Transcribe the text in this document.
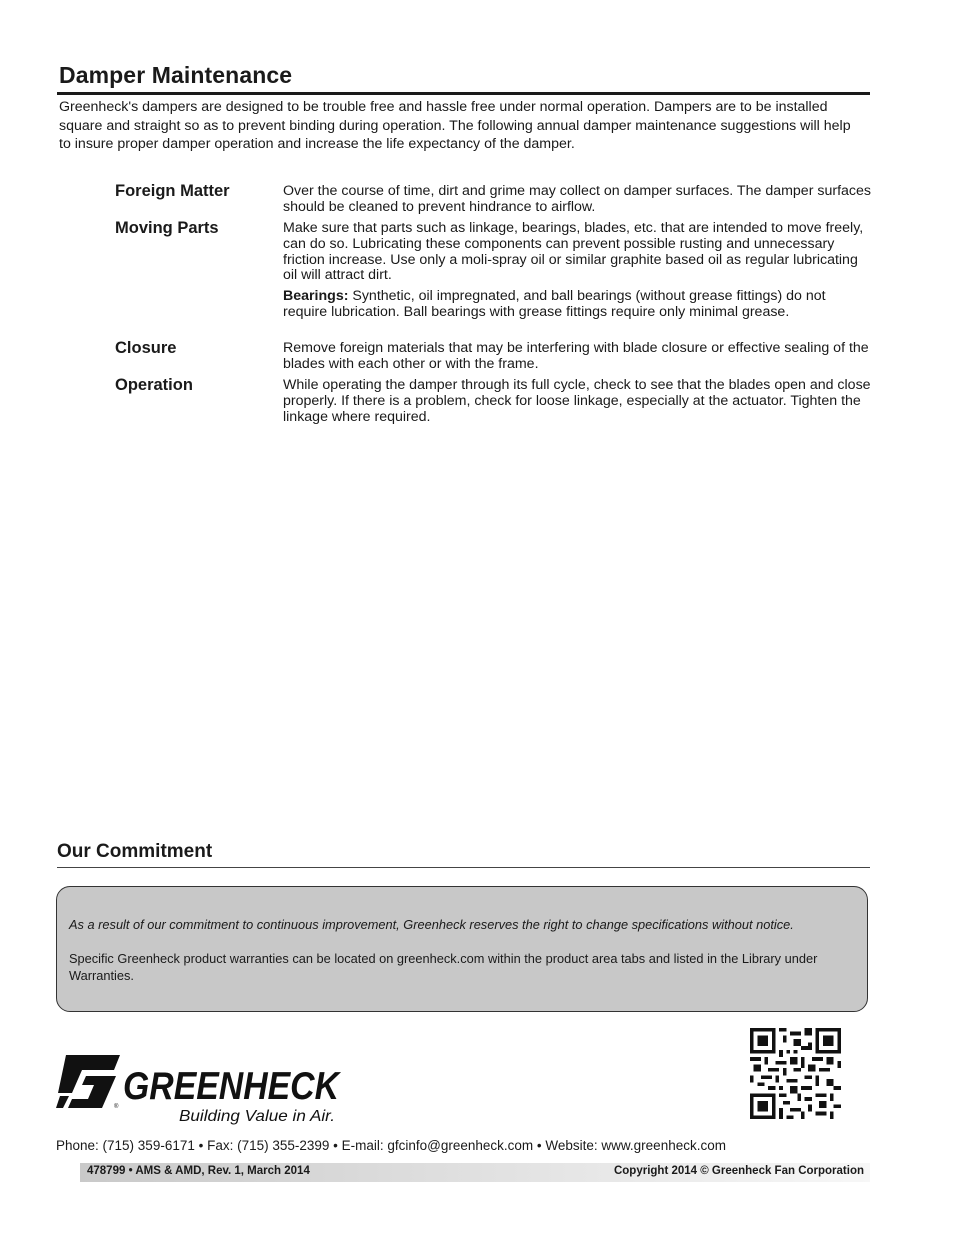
Damper Maintenance

Greenheck's dampers are designed to be trouble free and hassle free under normal operation. Dampers are to be installed square and straight so as to prevent binding during operation. The following annual damper maintenance suggestions will help to insure proper damper operation and increase the life expectancy of the damper.

Foreign Matter	Over the course of time, dirt and grime may collect on damper surfaces. The damper surfaces should be cleaned to prevent hindrance to airflow.

Moving Parts	Make sure that parts such as linkage, bearings, blades, etc. that are intended to move freely, can do so. Lubricating these components can prevent possible rusting and unnecessary friction increase. Use only a moli-spray oil or similar graphite based oil as regular lubricating oil will attract dirt.

Bearings: Synthetic, oil impregnated, and ball bearings (without grease fittings) do not require lubrication. Ball bearings with grease fittings require only minimal grease.

Closure	Remove foreign materials that may be interfering with blade closure or effective sealing of the blades with each other or with the frame.

Operation	While operating the damper through its full cycle, check to see that the blades open and close properly. If there is a problem, check for loose linkage, especially at the actuator. Tighten the linkage where required.

Our Commitment

As a result of our commitment to continuous improvement, Greenheck reserves the right to change specifications without notice.

Specific Greenheck product warranties can be located on greenheck.com within the product area tabs and listed in the Library under Warranties.

® GREENHECK
Building Value in Air.

Phone: (715) 359-6171 • Fax: (715) 355-2399 • E-mail: gfcinfo@greenheck.com • Website: www.greenheck.com

478799 • AMS & AMD, Rev. 1, March 2014	Copyright 2014 © Greenheck Fan Corporation
